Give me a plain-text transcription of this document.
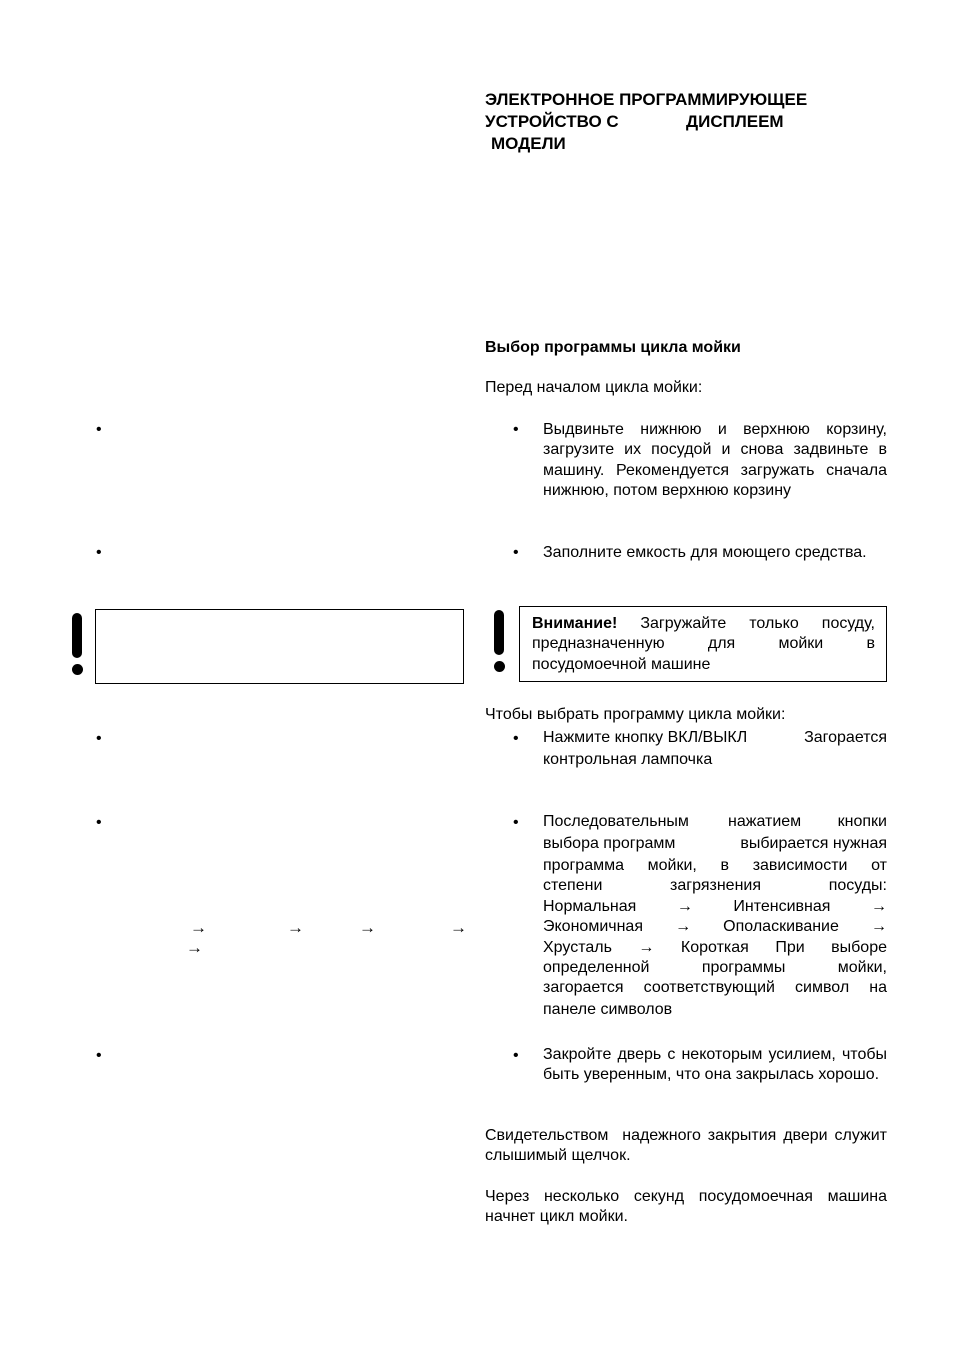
ЭЛЕКТРОННОЕ ПРОГРАММИРУЮЩЕЕ
УСТРОЙСТВО С	ДИСПЛЕЕМ
МОДЕЛИ
•
•
•
•
→	→	→	→
→
•
Выбор программы цикла мойки
Перед началом цикла мойки:
• Выдвиньте нижнюю и верхнюю корзину, загрузите их посудой и снова задвиньте в машину. Рекомендуется загружать сначала нижнюю, потом верхнюю корзину
• Заполните емкость для моющего средства.
Внимание! Загружайте только посуду, предназначенную для мойки в посудомоечной машине
Чтобы выбрать программу цикла мойки:
• Нажмите кнопку ВКЛ/ВЫКЛ	Загорается
контрольная лампочка
• Последовательным нажатием кнопки
выбора программ	выбирается нужная
программа мойки, в зависимости от
степени загрязнения посуды:
Нормальная → Интенсивная →
Экономичная → Ополаскивание →
Хрусталь → Короткая При выборе
определенной программы мойки,
загорается соответствующий символ на
панеле символов
• Закройте дверь с некоторым усилием, чтобы быть уверенным, что она закрылась хорошо.
Свидетельством  надежного закрытия двери служит слышимый щелчок.
Через несколько секунд посудомоечная машина начнет цикл мойки.
